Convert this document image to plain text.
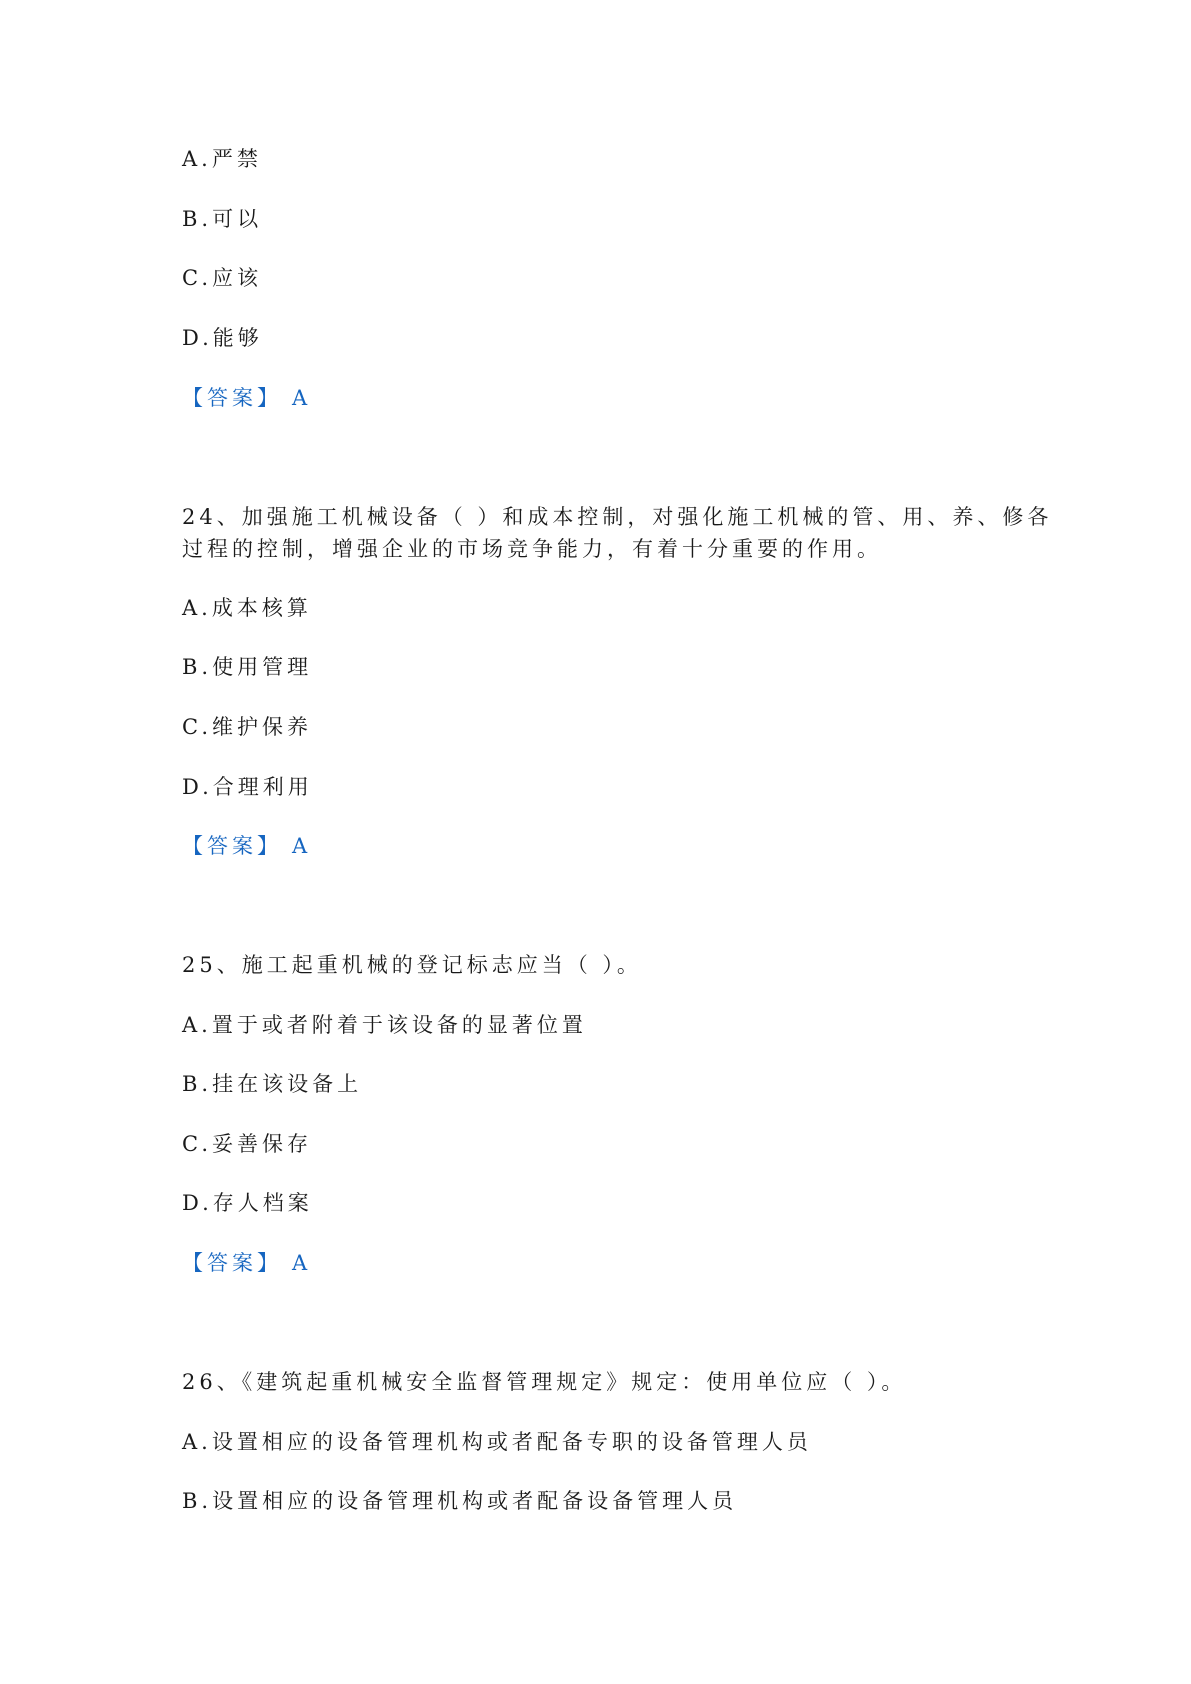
A.严禁
B.可以
C.应该
D.能够
【答案】 A
24、加强施工机械设备（ ）和成本控制，对强化施工机械的管、用、养、修各
过程的控制，增强企业的市场竞争能力，有着十分重要的作用。
A.成本核算
B.使用管理
C.维护保养
D.合理利用
【答案】 A
25、施工起重机械的登记标志应当（ ）。
A.置于或者附着于该设备的显著位置
B.挂在该设备上
C.妥善保存
D.存人档案
【答案】 A
26、《建筑起重机械安全监督管理规定》规定：使用单位应（ ）。
A.设置相应的设备管理机构或者配备专职的设备管理人员
B.设置相应的设备管理机构或者配备设备管理人员
